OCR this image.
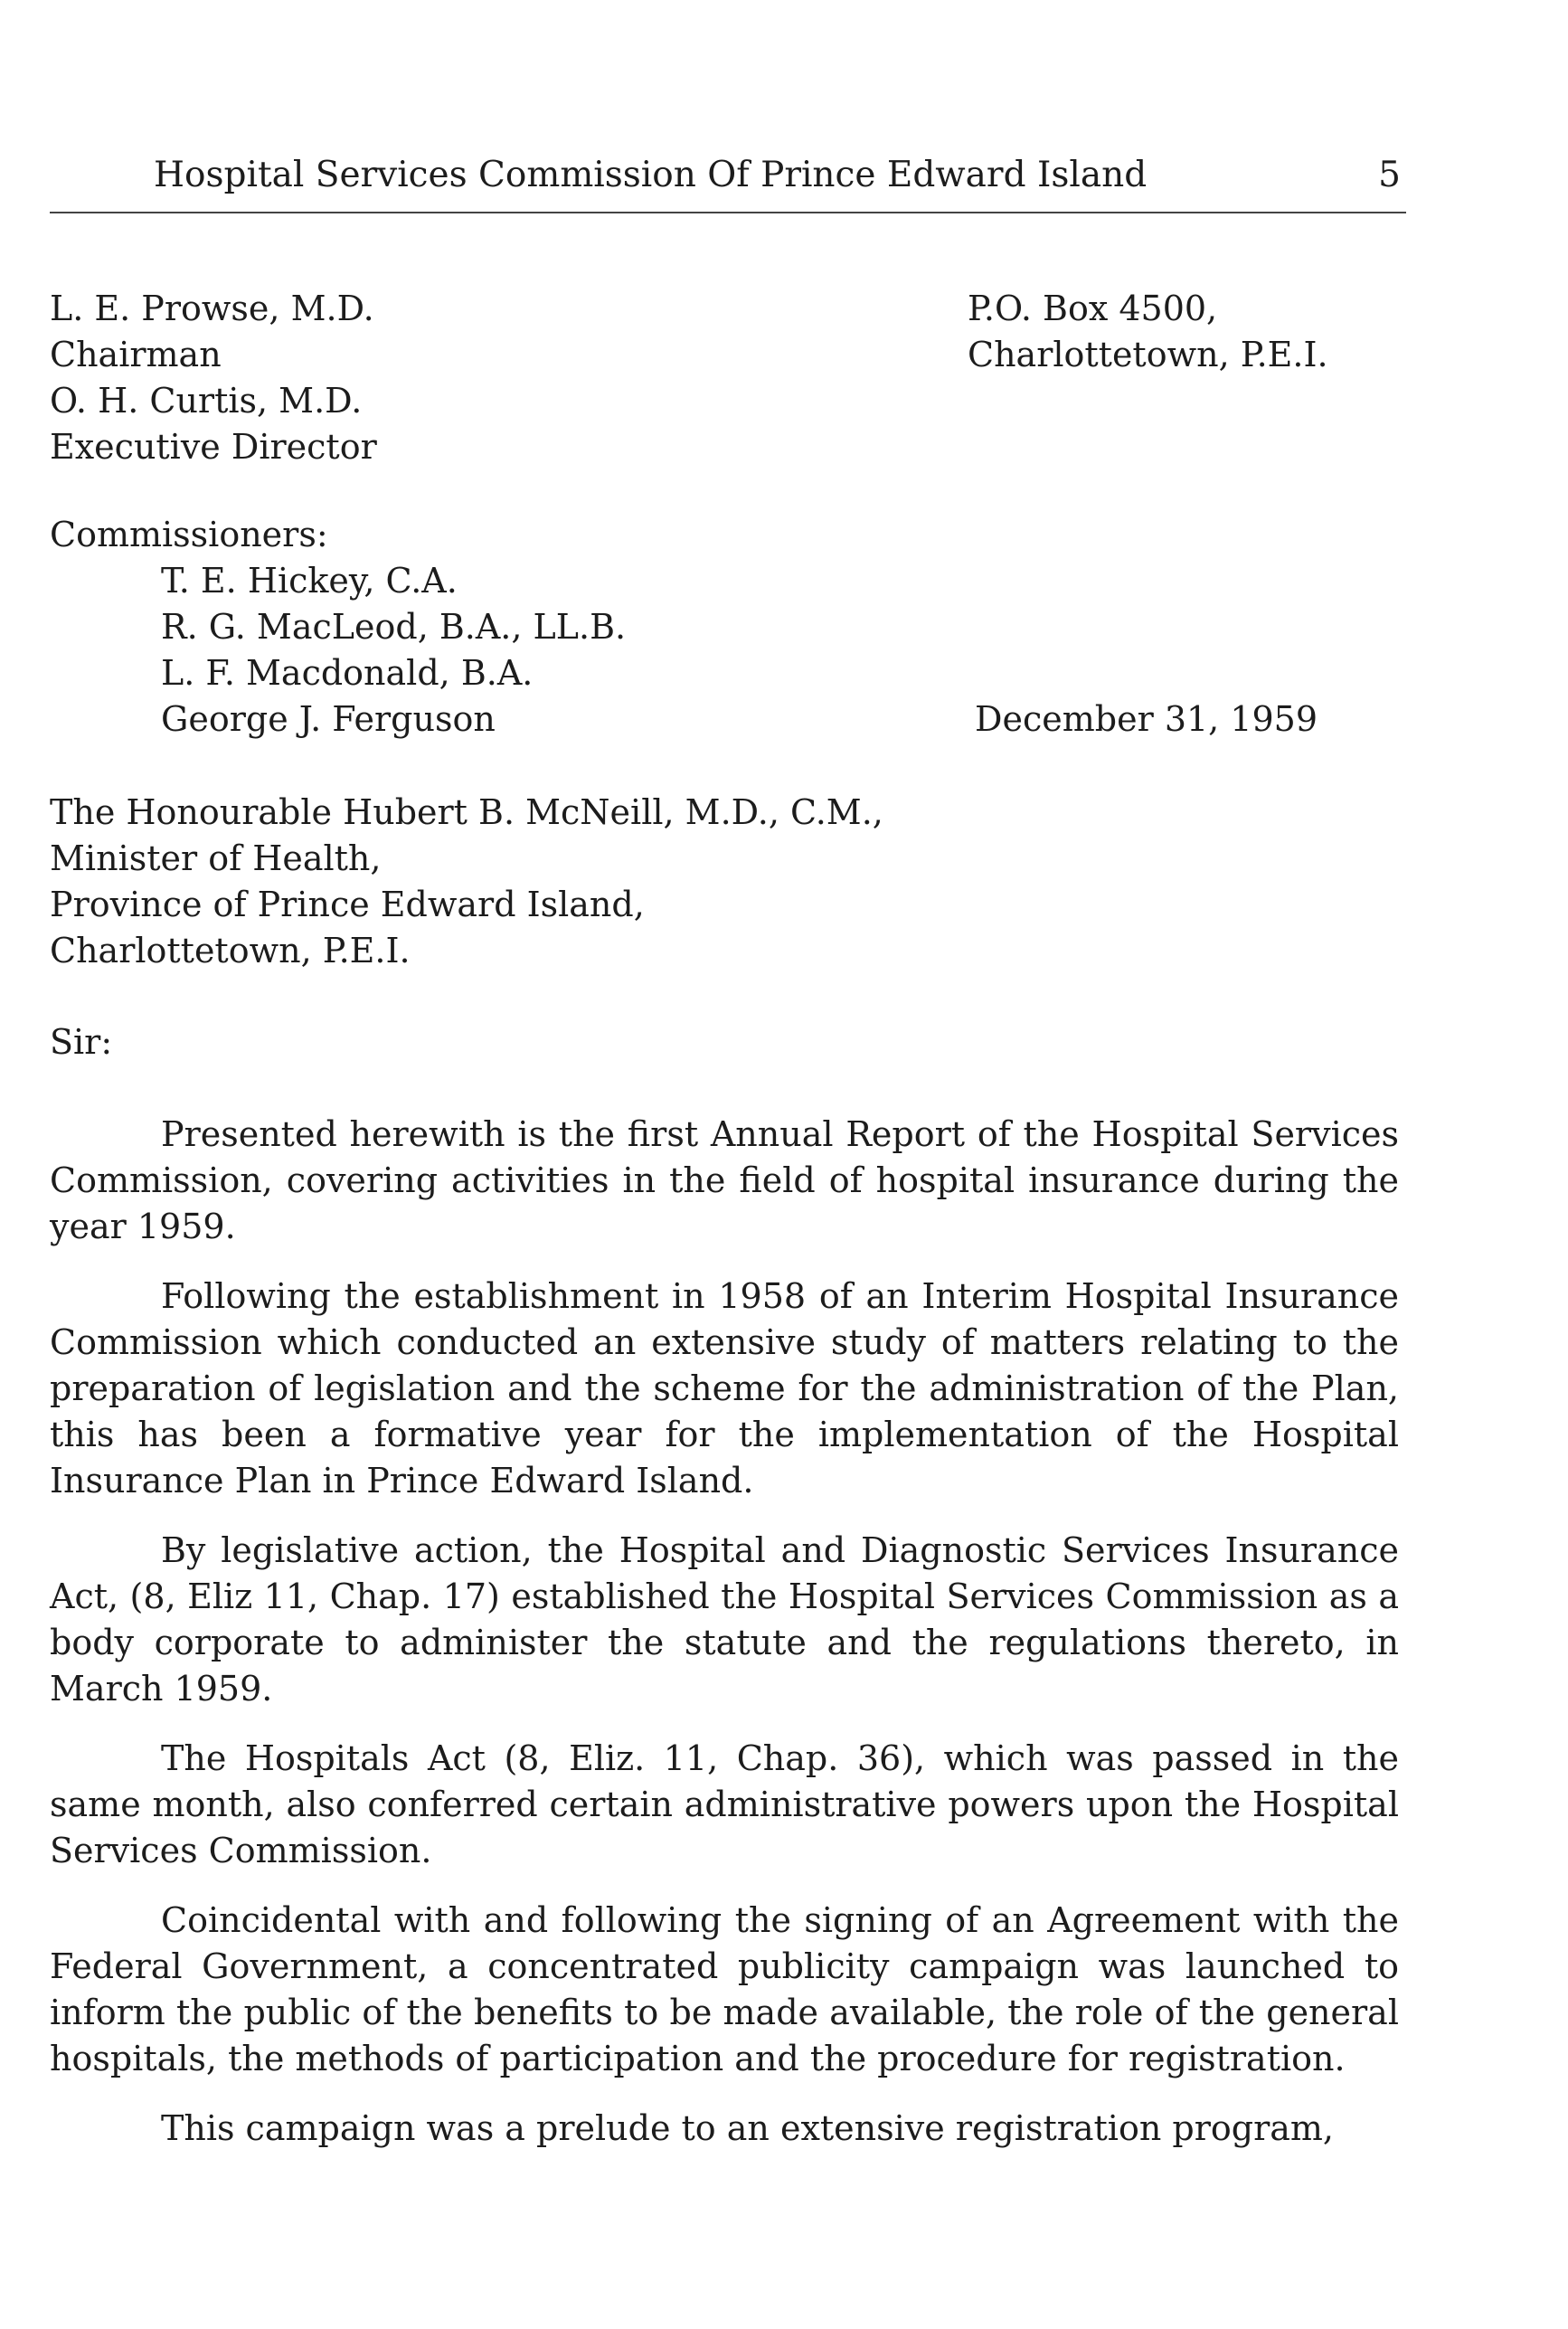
Hospital Services Commission Of Prince Edward Island	5
L. E. Prowse, M.D.
Chairman
O. H. Curtis, M.D.
Executive Director
P.O. Box 4500,
Charlottetown, P.E.I.
Commissioners:
T. E. Hickey, C.A.
R. G. MacLeod, B.A., LL.B.
L. F. Macdonald, B.A.
George J. Ferguson	December 31, 1959
The Honourable Hubert B. McNeill, M.D., C.M.,
Minister of Health,
Province of Prince Edward Island,
Charlottetown, P.E.I.
Sir:

Presented herewith is the first Annual Report of the Hospital Services Commission, covering activities in the field of hospital insurance during the year 1959.

Following the establishment in 1958 of an Interim Hospital Insurance Commission which conducted an extensive study of matters relating to the preparation of legislation and the scheme for the administration of the Plan, this has been a formative year for the implementation of the Hospital Insurance Plan in Prince Edward Island.

By legislative action, the Hospital and Diagnostic Services Insurance Act, (8, Eliz 11, Chap. 17) established the Hospital Services Commission as a body corporate to administer the statute and the regulations thereto, in March 1959.

The Hospitals Act (8, Eliz. 11, Chap. 36), which was passed in the same month, also conferred certain administrative powers upon the Hospital Services Commission.

Coincidental with and following the signing of an Agreement with the Federal Government, a concentrated publicity campaign was launched to inform the public of the benefits to be made available, the role of the general hospitals, the methods of participation and the procedure for registration.

This campaign was a prelude to an extensive registration program,
